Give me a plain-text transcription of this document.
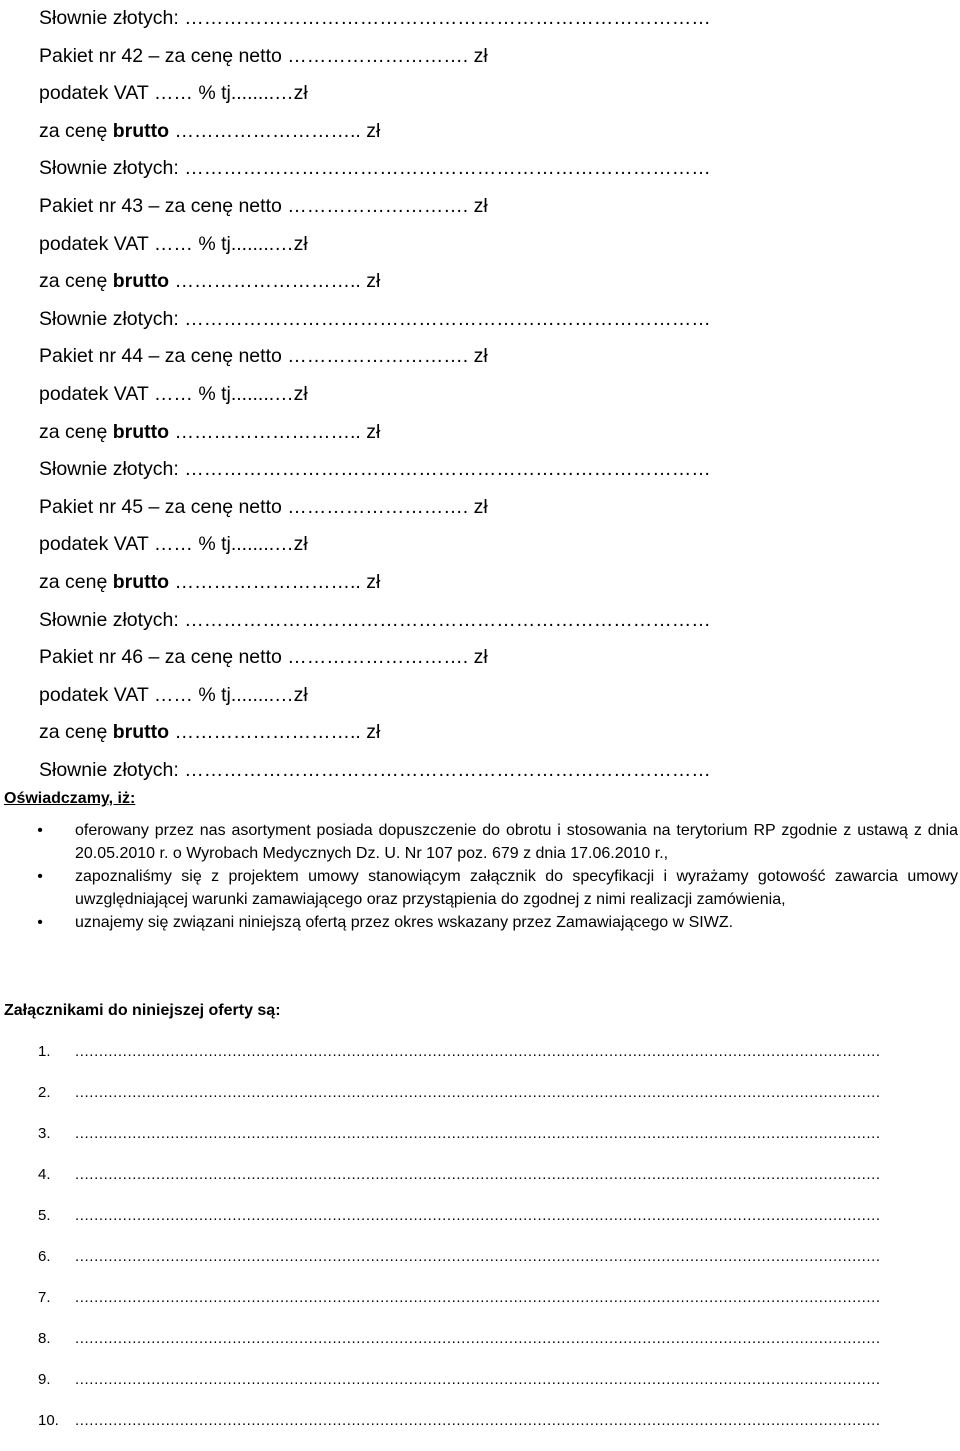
Słownie złotych: ………………………………………………………………………
Pakiet nr 42 – za cenę netto ………………………. zł
podatek VAT …… % tj........…zł
za cenę brutto ……………………….. zł
Słownie złotych: ………………………………………………………………………
Pakiet nr 43 – za cenę netto ………………………. zł
podatek VAT …… % tj........…zł
za cenę brutto ……………………….. zł
Słownie złotych: ………………………………………………………………………
Pakiet nr 44 – za cenę netto ………………………. zł
podatek VAT …… % tj........…zł
za cenę brutto ……………………….. zł
Słownie złotych: ………………………………………………………………………
Pakiet nr 45 – za cenę netto ………………………. zł
podatek VAT …… % tj........…zł
za cenę brutto ……………………….. zł
Słownie złotych: ………………………………………………………………………
Pakiet nr 46 – za cenę netto ………………………. zł
podatek VAT …… % tj........…zł
za cenę brutto ……………………….. zł
Słownie złotych: ………………………………………………………………………
Oświadczamy, iż:
• oferowany przez nas asortyment posiada dopuszczenie do obrotu i stosowania na terytorium RP zgodnie z ustawą z dnia 20.05.2010 r. o Wyrobach Medycznych Dz. U. Nr 107 poz. 679 z dnia 17.06.2010 r.,
• zapoznaliśmy się z projektem umowy stanowiącym załącznik do specyfikacji i wyrażamy gotowość zawarcia umowy uwzględniającej warunki zamawiającego oraz przystąpienia do zgodnej z nimi realizacji zamówienia,
• uznajemy się związani niniejszą ofertą przez okres wskazany przez Zamawiającego w SIWZ.
Załącznikami do niniejszej oferty są:
1.	.........................................................................................................................................................................
2.	.........................................................................................................................................................................
3.	.........................................................................................................................................................................
4.	.........................................................................................................................................................................
5.	.........................................................................................................................................................................
6.	.........................................................................................................................................................................
7.	.........................................................................................................................................................................
8.	.........................................................................................................................................................................
9.	.........................................................................................................................................................................
10.	.........................................................................................................................................................................
